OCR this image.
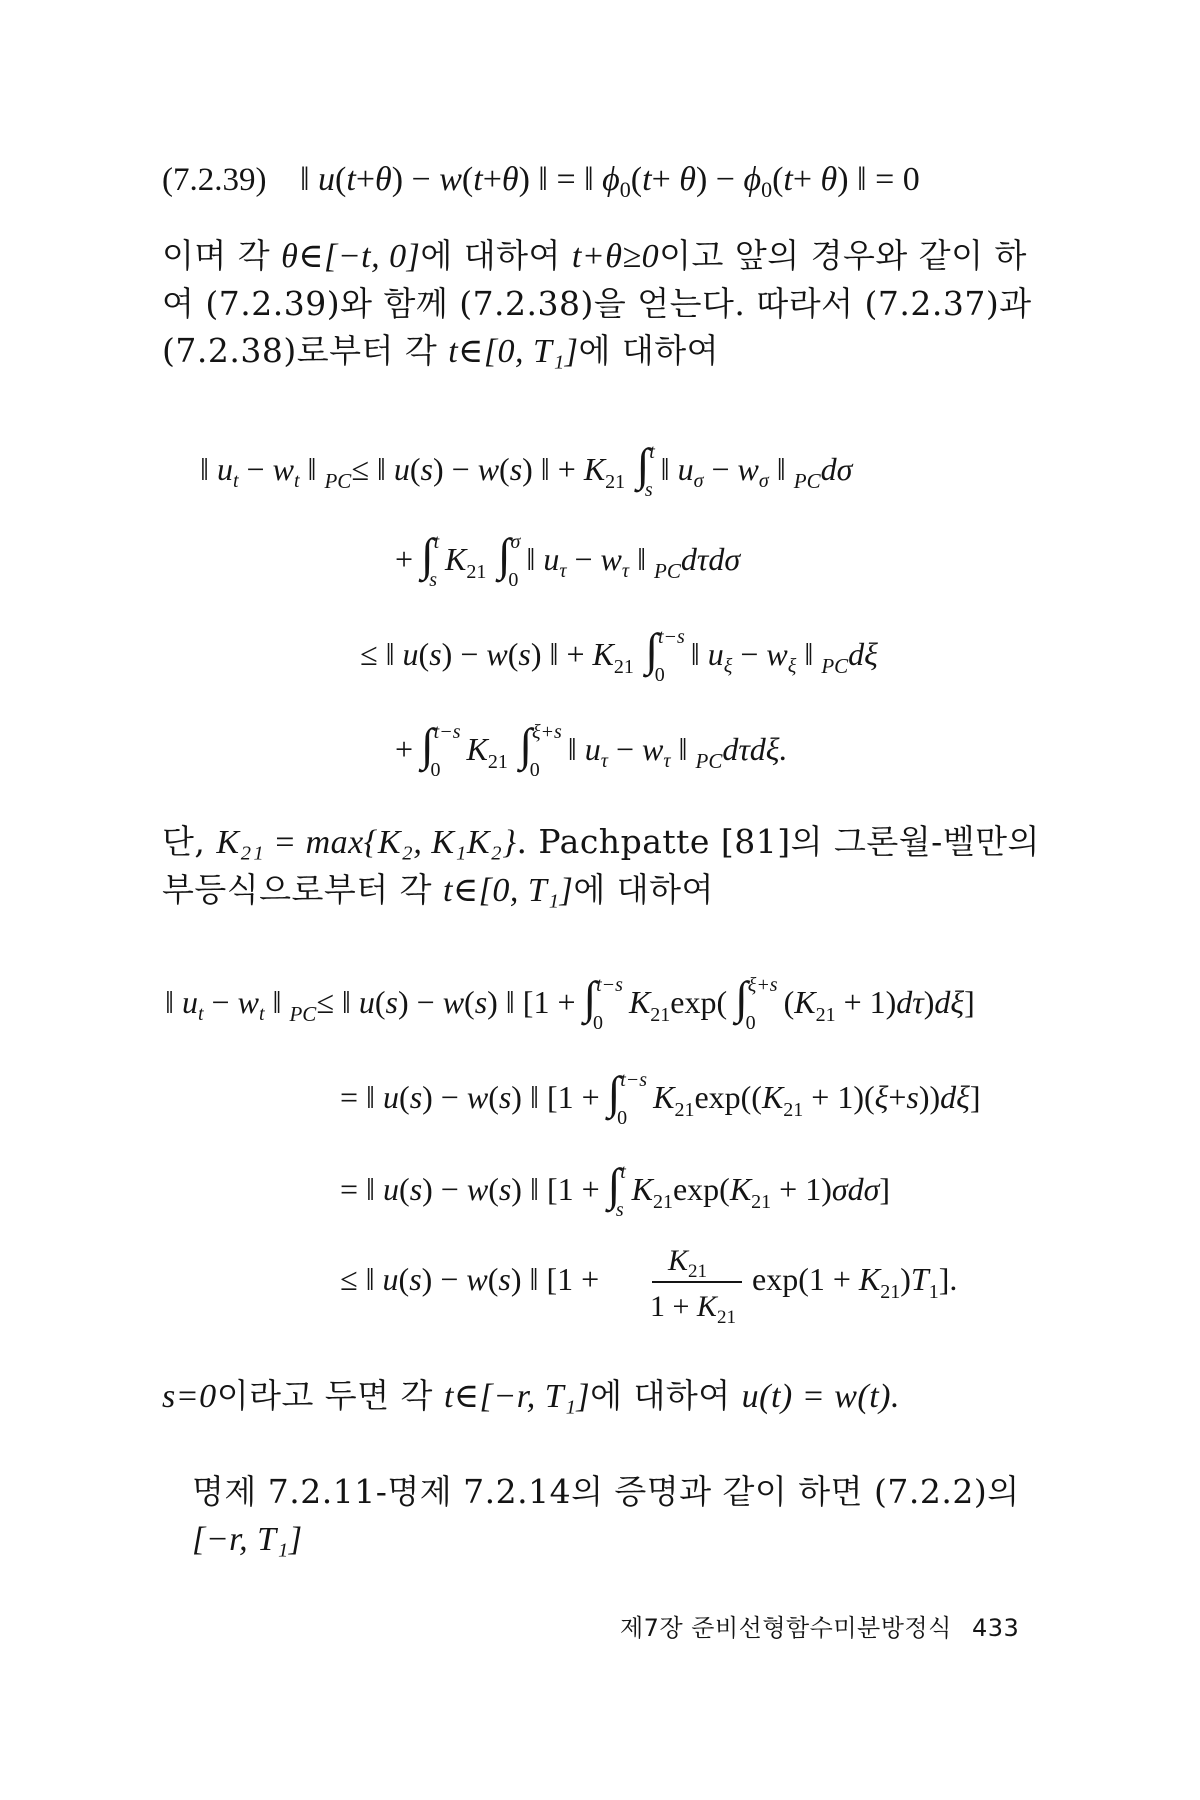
(7.2.39) ‖ u(t+θ) − w(t+θ) ‖ = ‖ $\phi_0(t+ \theta) - \phi_0(t+ \theta)$ ‖ = 0
‖ $u_t - w_t$ ‖ $_{PC}$≤ ‖ u(s) − w(s) ‖ + $K_{21}$ ∫$^t$ s ‖ $u_\sigma - w_\sigma$ ‖ $_{PC}$dσ
+ ∫$^t$ s $K_{21}$ ∫$^\sigma$ 0 ‖ $u_\tau - w_\tau$ ‖ $_{PC}$dτdσ
≤ ‖ u(s) − w(s) ‖ + $K_{21}$ ∫$^{t-s}$ 0 ‖ $u_\xi - w_\xi$ ‖ $_{PC}$dξ
+ ∫$^{t-s}$ 0 $K_{21}$ ∫$^{\xi+s}$ 0 ‖ $u_\tau - w_\tau$ ‖ $_{PC}$dτdξ.
‖ $u_t - w_t$ ‖ $_{PC}$≤ ‖ u(s) − w(s) ‖ [1 + ∫$^{t-s}$ 0 $K_{21}\exp$( ∫$^{\xi+s}$ 0 $(K_{21} + 1)d\tau)d\xi$]
= ‖ u(s) − w(s) ‖ [1 + ∫$^{t-s}$ 0 $K_{21}\exp((K_{21} + 1)(\xi+s))d\xi$]
= ‖ u(s) − w(s) ‖ [1 + ∫$^t$ s $K_{21}\exp(K_{21} + 1)\sigma d\sigma$]
≤ ‖ u(s) − w(s) ‖ [1 +
$K_{21}$
$1 + K_{21}$
$\exp(1 + K_{21})T_1$].

이며 각 θ∈[−t, 0]에 대하여 t+θ≥0이고 앞의 경우와 같이 하여 (7.2.39)와 함께 (7.2.38)을 얻는다. 따라서 (7.2.37)과 (7.2.38)로부터 각 t∈[0, T₁]에 대하여

단, K₂₁ = max{K₂, K₁K₂}. Pachpatte [81]의 그론월-벨만의 부등식으로부터 각 t∈[0, T₁]에 대하여

s=0이라고 두면 각 t∈[−r, T₁]에 대하여 u(t) = w(t).

명제 7.2.11-명제 7.2.14의 증명과 같이 하면 (7.2.2)의 [−r, T₁]

제7장 준비선형함수미분방정식 433
